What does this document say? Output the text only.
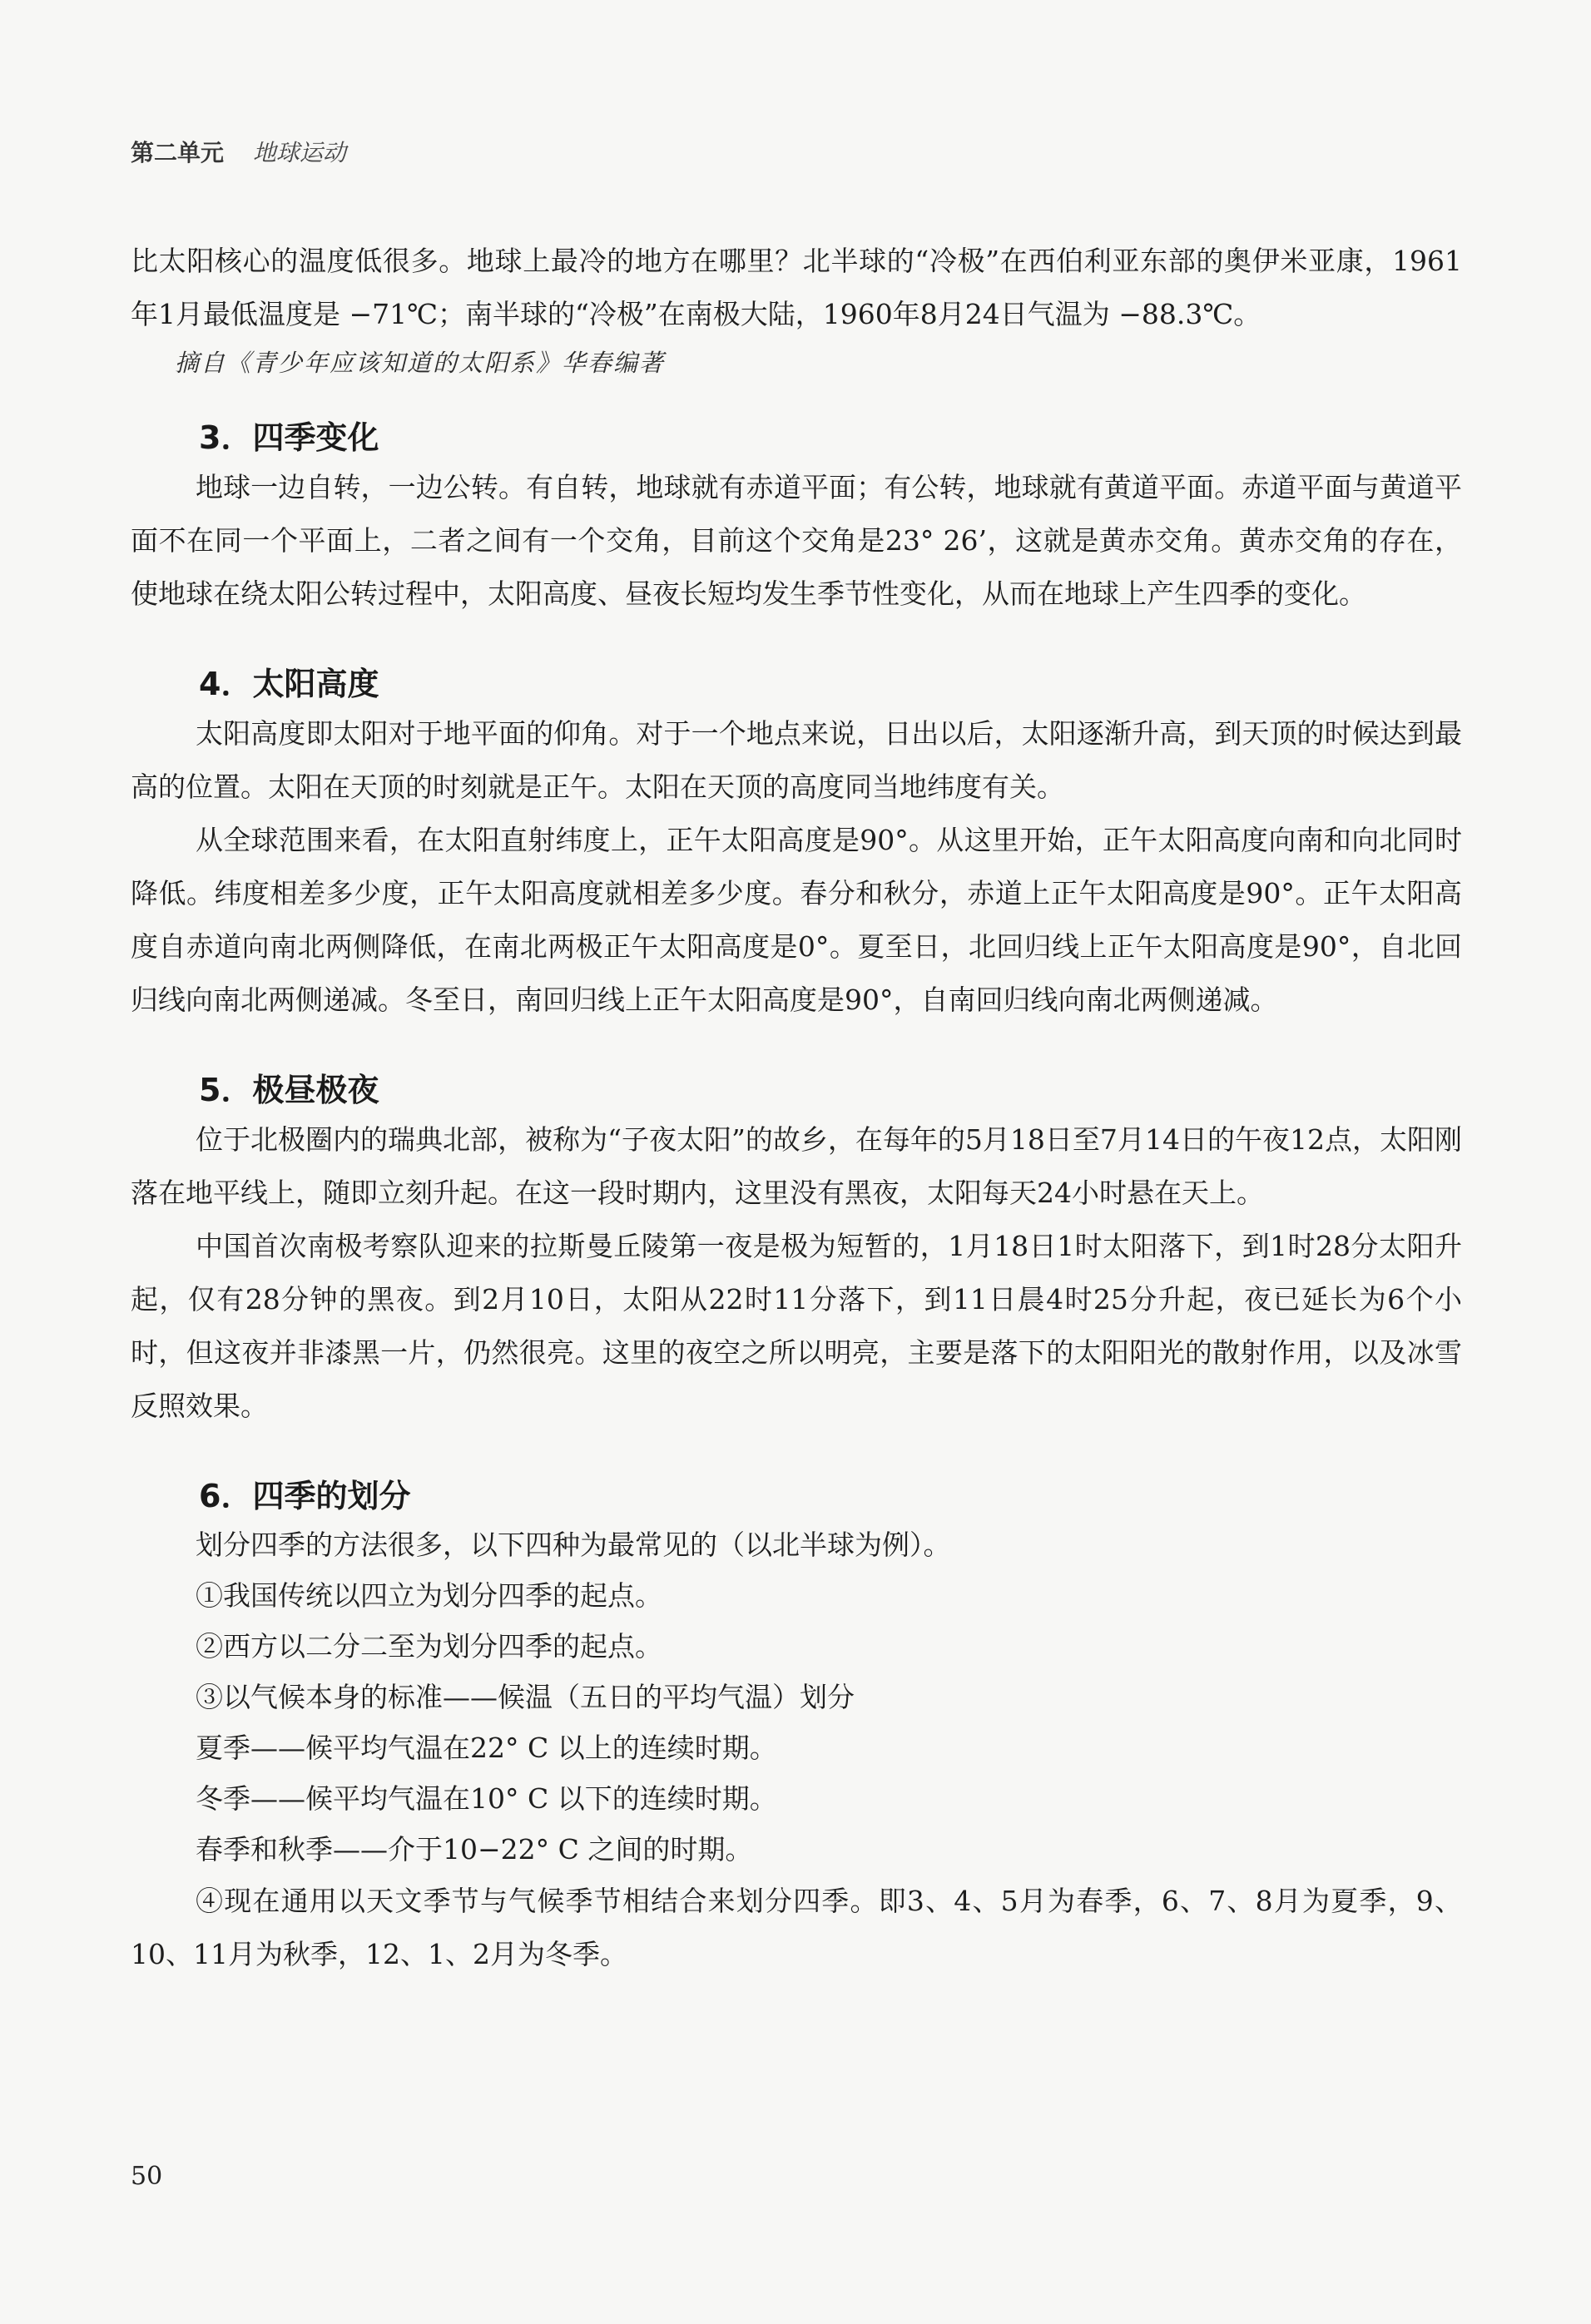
第二单元 地球运动

比太阳核心的温度低很多。地球上最冷的地方在哪里？北半球的“冷极”在西伯利亚东部的奥伊米亚康，1961年1月最低温度是 −71℃；南半球的“冷极”在南极大陆，1960年8月24日气温为 −88.3℃。

摘自《青少年应该知道的太阳系》华春编著

3．四季变化

地球一边自转，一边公转。有自转，地球就有赤道平面；有公转，地球就有黄道平面。赤道平面与黄道平面不在同一个平面上，二者之间有一个交角，目前这个交角是23° 26’，这就是黄赤交角。黄赤交角的存在，使地球在绕太阳公转过程中，太阳高度、昼夜长短均发生季节性变化，从而在地球上产生四季的变化。

4．太阳高度

太阳高度即太阳对于地平面的仰角。对于一个地点来说，日出以后，太阳逐渐升高，到天顶的时候达到最高的位置。太阳在天顶的时刻就是正午。太阳在天顶的高度同当地纬度有关。

从全球范围来看，在太阳直射纬度上，正午太阳高度是90°。从这里开始，正午太阳高度向南和向北同时降低。纬度相差多少度，正午太阳高度就相差多少度。春分和秋分，赤道上正午太阳高度是90°。正午太阳高度自赤道向南北两侧降低，在南北两极正午太阳高度是0°。夏至日，北回归线上正午太阳高度是90°，自北回归线向南北两侧递减。冬至日，南回归线上正午太阳高度是90°，自南回归线向南北两侧递减。

5．极昼极夜

位于北极圈内的瑞典北部，被称为“子夜太阳”的故乡，在每年的5月18日至7月14日的午夜12点，太阳刚落在地平线上，随即立刻升起。在这一段时期内，这里没有黑夜，太阳每天24小时悬在天上。

中国首次南极考察队迎来的拉斯曼丘陵第一夜是极为短暂的，1月18日1时太阳落下，到1时28分太阳升起，仅有28分钟的黑夜。到2月10日，太阳从22时11分落下，到11日晨4时25分升起，夜已延长为6个小时，但这夜并非漆黑一片，仍然很亮。这里的夜空之所以明亮，主要是落下的太阳阳光的散射作用，以及冰雪反照效果。

6．四季的划分

划分四季的方法很多，以下四种为最常见的（以北半球为例）。

①我国传统以四立为划分四季的起点。

②西方以二分二至为划分四季的起点。

③以气候本身的标准——候温（五日的平均气温）划分

夏季——候平均气温在22° C 以上的连续时期。

冬季——候平均气温在10° C 以下的连续时期。

春季和秋季——介于10−22° C 之间的时期。

④现在通用以天文季节与气候季节相结合来划分四季。即3、4、5月为春季，6、7、8月为夏季，9、10、11月为秋季，12、1、2月为冬季。

50
